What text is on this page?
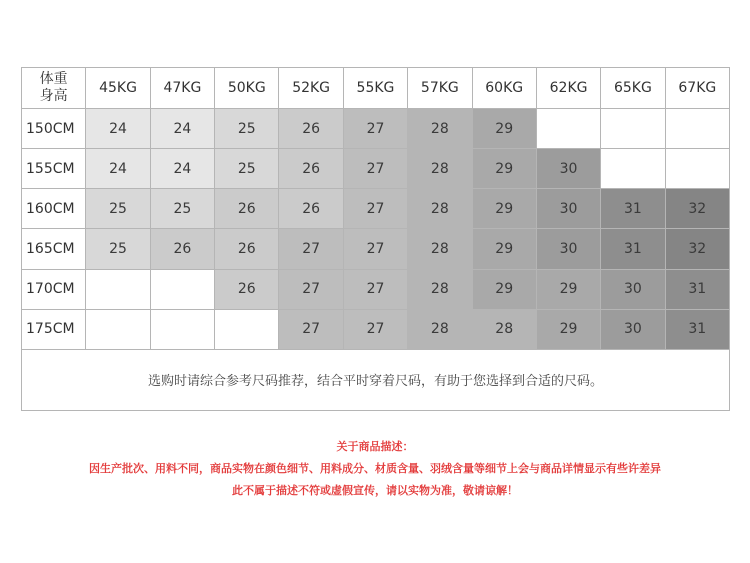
体重
身高	45KG	47KG	50KG	52KG	55KG	57KG	60KG	62KG	65KG	67KG
150CM	24	24	25	26	27	28	29			
155CM	24	24	25	26	27	28	29	30		
160CM	25	25	26	26	27	28	29	30	31	32
165CM	25	26	26	27	27	28	29	30	31	32
170CM			26	27	27	28	29	29	30	31
175CM				27	27	28	28	29	30	31
选购时请综合参考尺码推荐，结合平时穿着尺码，有助于您选择到合适的尺码。										
关于商品描述：
因生产批次、用料不同，商品实物在颜色细节、用料成分、材质含量、羽绒含量等细节上会与商品详情显示有些许差异
此不属于描述不符或虚假宣传，请以实物为准，敬请谅解！
